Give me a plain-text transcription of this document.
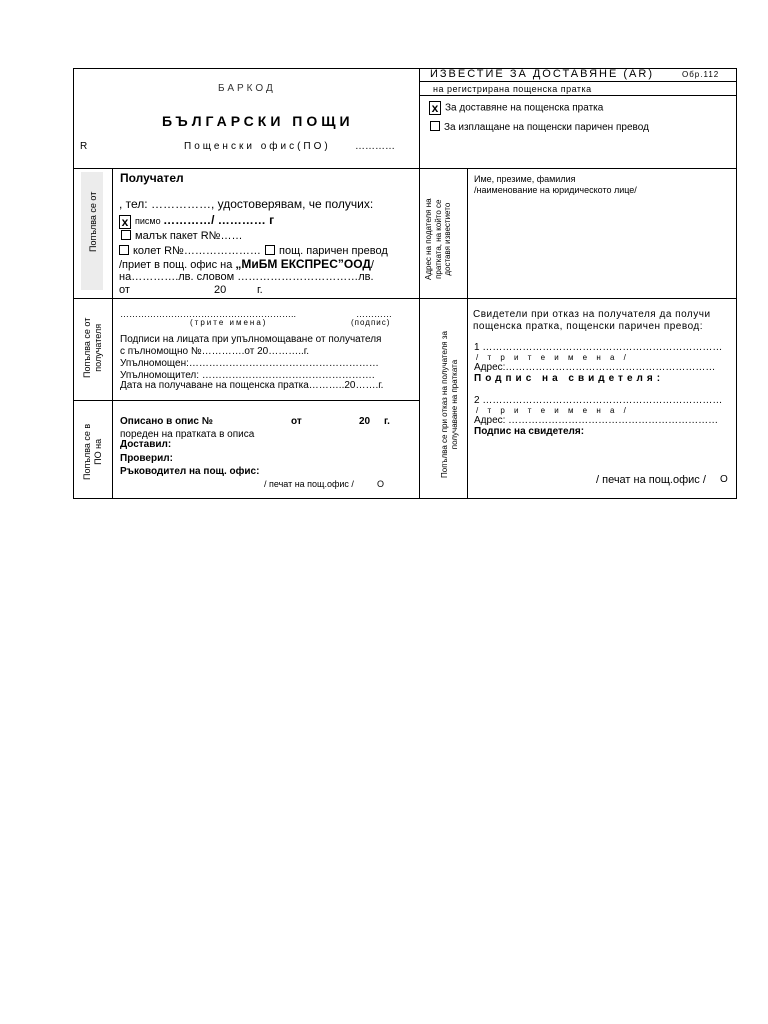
БАРКОД
БЪЛГАРСКИ ПОЩИ
R	Пощенски офис(ПО) …………
Попълва се от
Получател
, тел: ……………, удостоверявам, че получих:
x писмо …………/ ………… г
малък пакет R№……
колет R№…………………	пощ. паричен превод
/приет в пощ. офис на „МиБМ ЕКСПРЕС”ООД/
на………….лв. словом ……………………………лв.
от	20	г.
Попълва се от получателя
…………………………………………………..	…………
(трите имена)	(подпис)
Подписи на лицата при упълномощаване от получателя
с пълномощно №………….от 20………..г.
Упълномощен:…………………………………………………
Упълномощител: …………………………………………….
Дата на получаване на пощенска пратка………..20…….г.
Попълва се в ПО на
Описано в опис №	от	20 г.
пореден на пратката в описа
Доставил:
Проверил:
Ръководител на пощ. офис:
/ печат на пощ.офис /	О
ИЗВЕСТИЕ ЗА ДОСТАВЯНЕ (AR)	Обр.112
на регистрирана пощенска пратка
x За доставяне на пощенска пратка
За изплащане на пощенски паричен превод
Адрес на подателя на пратката, на който се доставя известието
Име, презиме, фамилия
/наименование на юридическото лице/
Попълва се при отказ на получателя за получаване на пратката
Свидетели при отказ на получателя да получи
пощенска пратка, пощенски паричен превод:
1 ………………………………………………………………
/ т р и т е и м е н а /
Адрес:………………………………………………………
Подпис на свидетеля:
2 ………………………………………………………………
/ т р и т е и м е н а /
Адрес: ………………………………………………………
Подпис на свидетеля:
/ печат на пощ.офис / О
